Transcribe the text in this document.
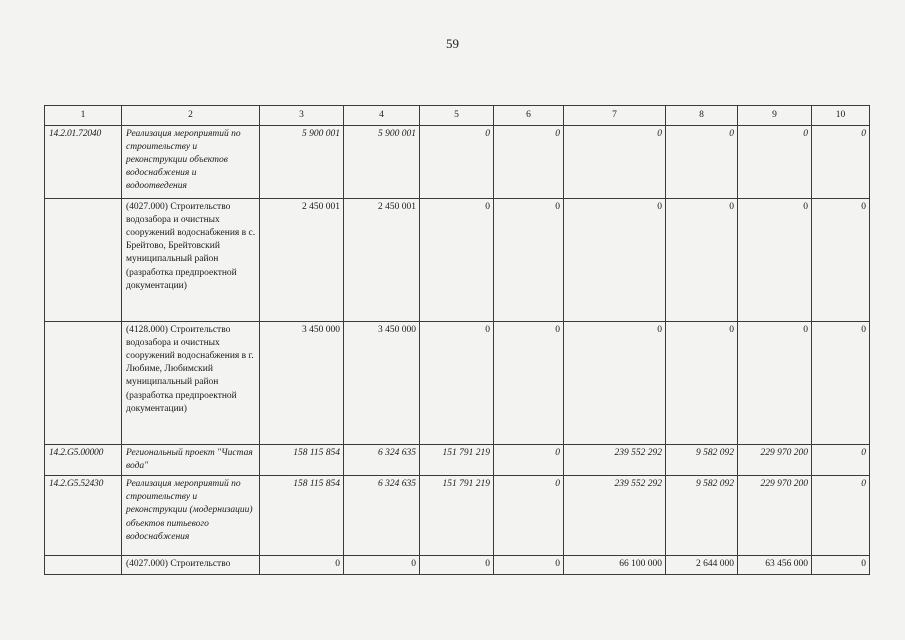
59
1	2	3	4	5	6	7	8	9	10
14.2.01.72040	Реализация мероприятий по строительству и реконструкции объектов водоснабжения и водоотведения	5 900 001	5 900 001	0	0	0	0	0	0
	(4027.000) Строительство водозабора и очистных сооружений водоснабжения в с. Брейтово, Брейтовский муниципальный район (разработка предпроектной документации)	2 450 001	2 450 001	0	0	0	0	0	0
	(4128.000) Строительство водозабора и очистных сооружений водоснабжения в г. Любиме, Любимский муниципальный район (разработка предпроектной документации)	3 450 000	3 450 000	0	0	0	0	0	0
14.2.G5.00000	Региональный проект "Чистая вода"	158 115 854	6 324 635	151 791 219	0	239 552 292	9 582 092	229 970 200	0
14.2.G5.52430	Реализация мероприятий по строительству и реконструкции (модернизации) объектов питьевого водоснабжения	158 115 854	6 324 635	151 791 219	0	239 552 292	9 582 092	229 970 200	0
	(4027.000) Строительство	0	0	0	0	66 100 000	2 644 000	63 456 000	0
